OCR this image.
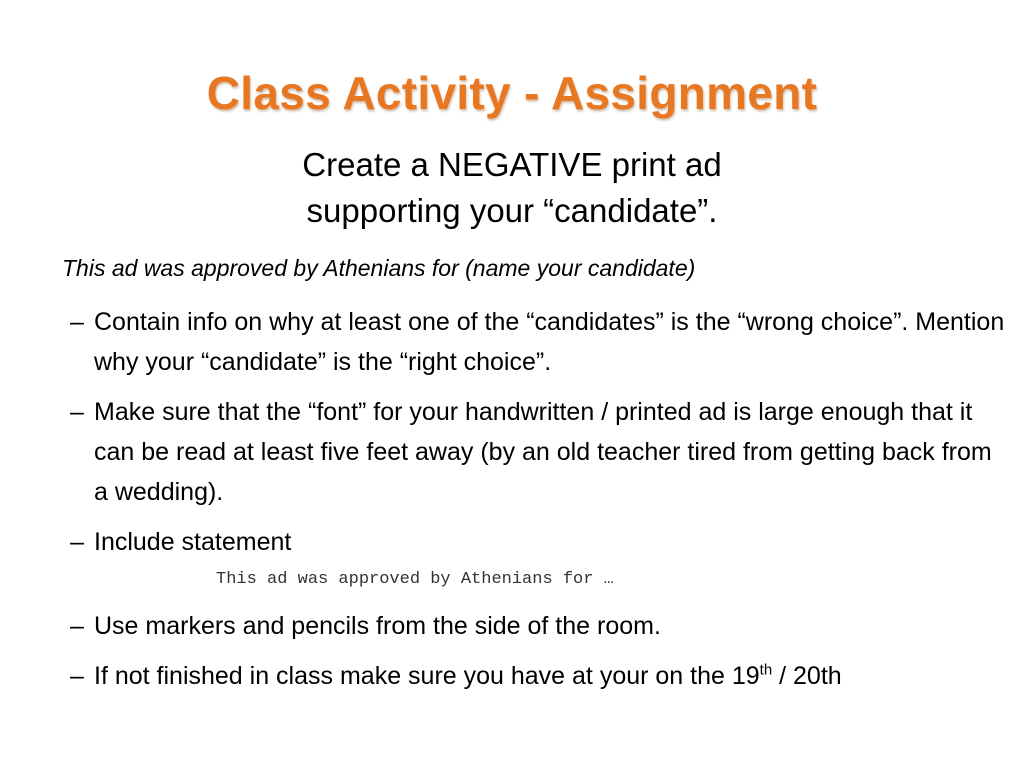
Class Activity - Assignment
Create a NEGATIVE print ad
supporting your “candidate”.
This ad was approved by Athenians for (name your candidate)
– Contain info on why at least one of the “candidates” is the “wrong choice”. Mention why your “candidate” is the “right choice”.
– Make sure that the “font” for your handwritten / printed ad is large enough that it can be read at least five feet away (by an old teacher tired from getting back from a wedding).
– Include statement
This ad was approved by Athenians for …
– Use markers and pencils from the side of the room.
– If not finished in class make sure you have at your on the 19th / 20th
